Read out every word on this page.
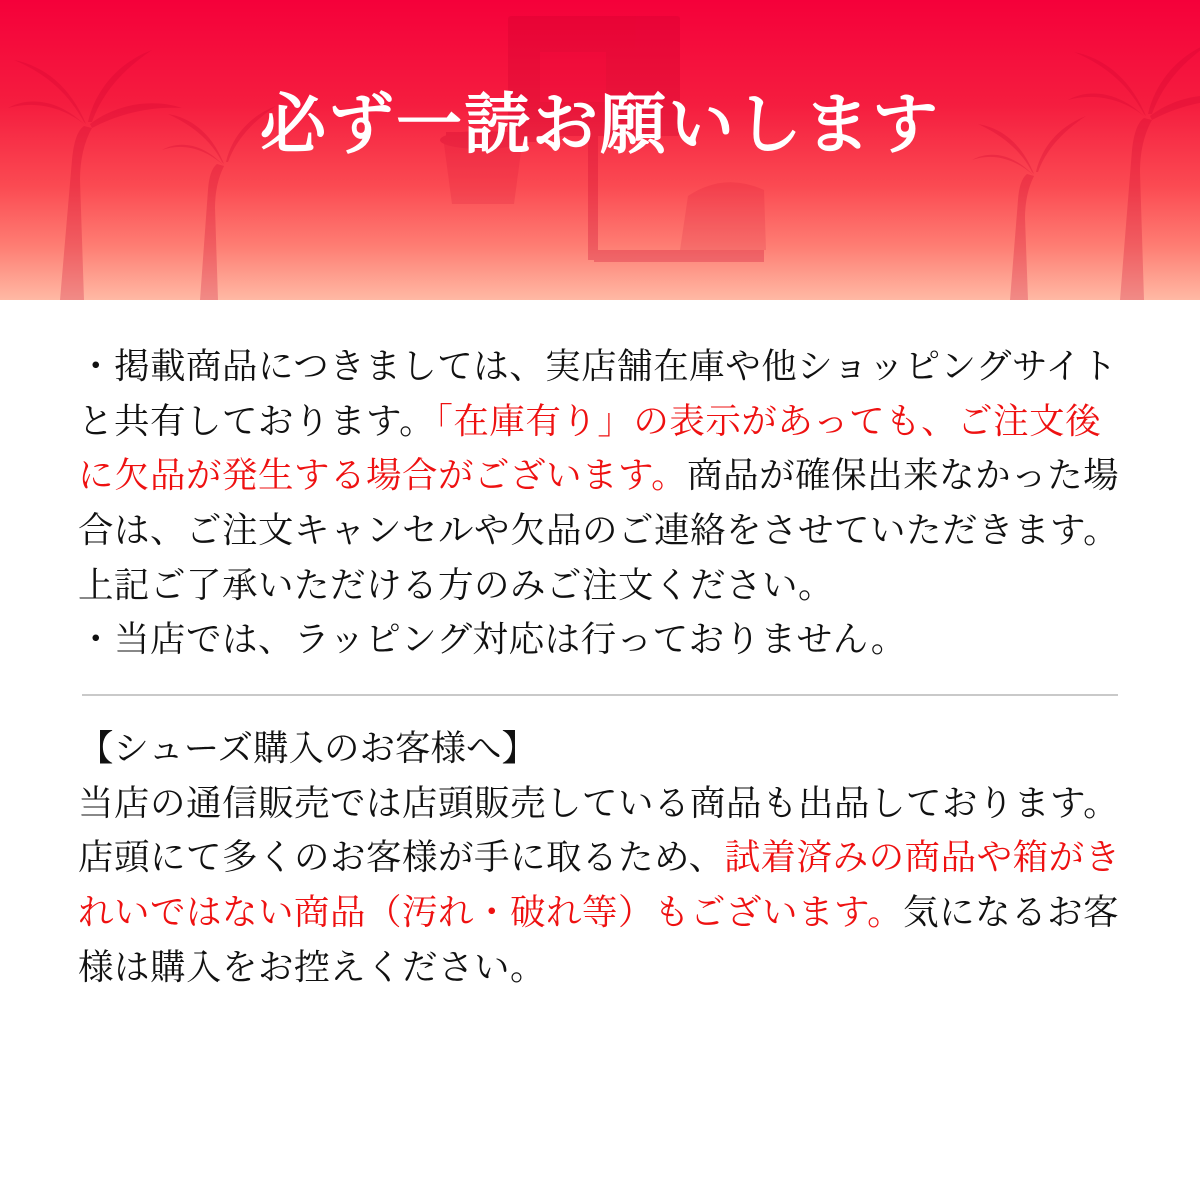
必ず一読お願いします

・掲載商品につきましては、実店舗在庫や他ショッピングサイトと共有しております。「在庫有り」の表示があっても、ご注文後に欠品が発生する場合がございます。商品が確保出来なかった場合は、ご注文キャンセルや欠品のご連絡をさせていただきます。上記ご了承いただける方のみご注文ください。

・当店では、ラッピング対応は行っておりません。

【シューズ購入のお客様へ】

当店の通信販売では店頭販売している商品も出品しております。店頭にて多くのお客様が手に取るため、試着済みの商品や箱がきれいではない商品（汚れ・破れ等）もございます。気になるお客様は購入をお控えください。
